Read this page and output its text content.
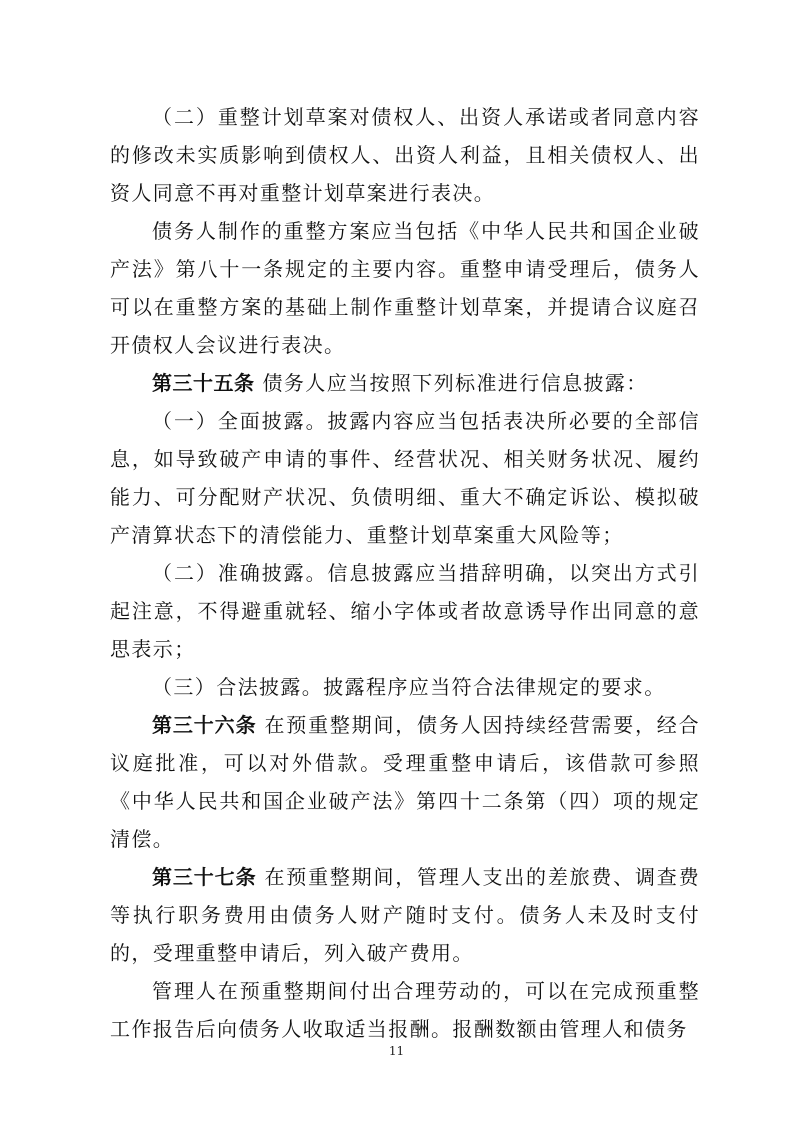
（二）重整计划草案对债权人、出资人承诺或者同意内容的修改未实质影响到债权人、出资人利益，且相关债权人、出资人同意不再对重整计划草案进行表决。

债务人制作的重整方案应当包括《中华人民共和国企业破产法》第八十一条规定的主要内容。重整申请受理后，债务人可以在重整方案的基础上制作重整计划草案，并提请合议庭召开债权人会议进行表决。

第三十五条 债务人应当按照下列标准进行信息披露：

（一）全面披露。披露内容应当包括表决所必要的全部信息，如导致破产申请的事件、经营状况、相关财务状况、履约能力、可分配财产状况、负债明细、重大不确定诉讼、模拟破产清算状态下的清偿能力、重整计划草案重大风险等；

（二）准确披露。信息披露应当措辞明确，以突出方式引起注意，不得避重就轻、缩小字体或者故意诱导作出同意的意思表示；

（三）合法披露。披露程序应当符合法律规定的要求。

第三十六条 在预重整期间，债务人因持续经营需要，经合议庭批准，可以对外借款。受理重整申请后，该借款可参照《中华人民共和国企业破产法》第四十二条第（四）项的规定清偿。

第三十七条 在预重整期间，管理人支出的差旅费、调查费等执行职务费用由债务人财产随时支付。债务人未及时支付的，受理重整申请后，列入破产费用。

管理人在预重整期间付出合理劳动的，可以在完成预重整工作报告后向债务人收取适当报酬。报酬数额由管理人和债务

11
